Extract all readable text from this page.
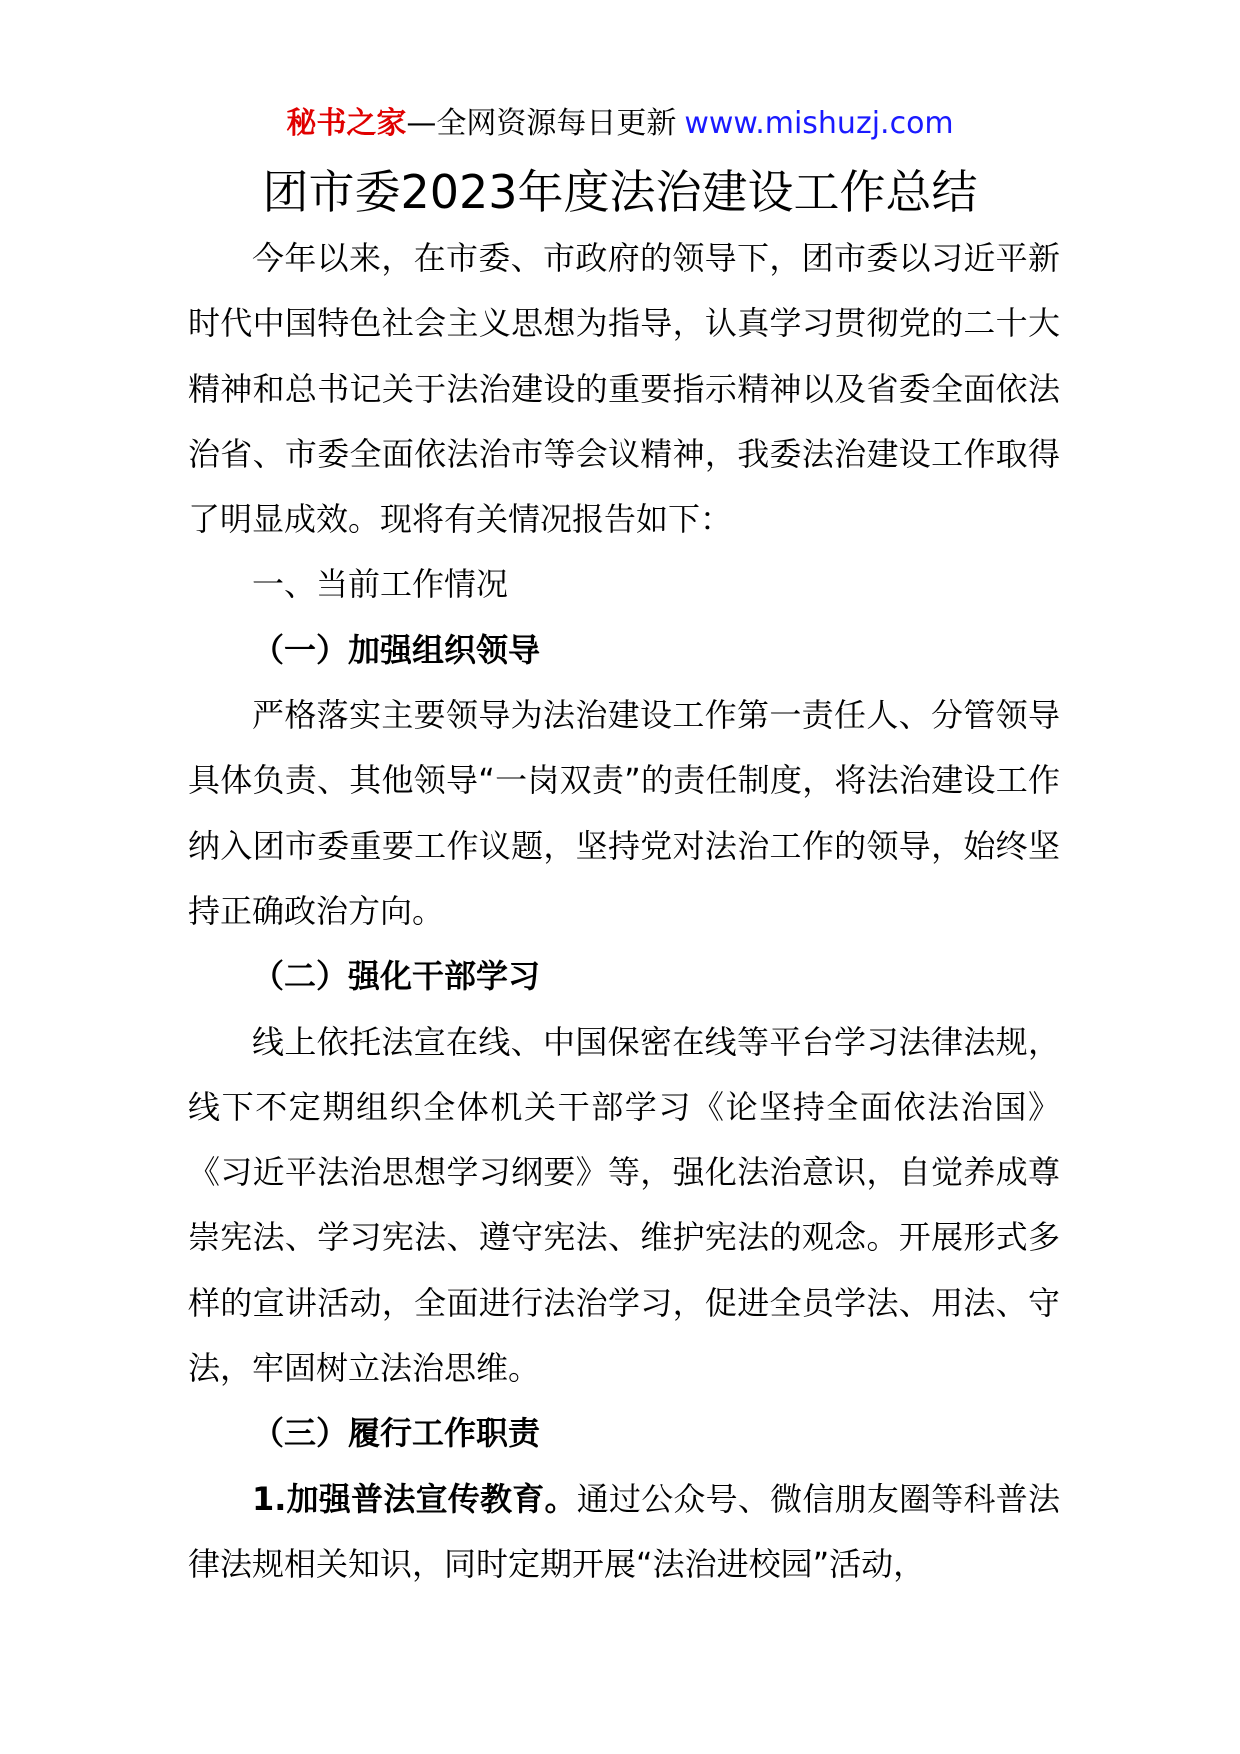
秘书之家—全网资源每日更新 www.mishuzj.com
团市委2023年度法治建设工作总结

今年以来，在市委、市政府的领导下，团市委以习近平新时代中国特色社会主义思想为指导，认真学习贯彻党的二十大精神和总书记关于法治建设的重要指示精神以及省委全面依法治省、市委全面依法治市等会议精神，我委法治建设工作取得了明显成效。现将有关情况报告如下：

一、当前工作情况
（一）加强组织领导

严格落实主要领导为法治建设工作第一责任人、分管领导具体负责、其他领导“一岗双责”的责任制度，将法治建设工作纳入团市委重要工作议题，坚持党对法治工作的领导，始终坚持正确政治方向。

（二）强化干部学习

线上依托法宣在线、中国保密在线等平台学习法律法规，线下不定期组织全体机关干部学习《论坚持全面依法治国》《习近平法治思想学习纲要》等，强化法治意识，自觉养成尊崇宪法、学习宪法、遵守宪法、维护宪法的观念。开展形式多样的宣讲活动，全面进行法治学习，促进全员学法、用法、守法，牢固树立法治思维。

（三）履行工作职责

1.加强普法宣传教育。通过公众号、微信朋友圈等科普法律法规相关知识，同时定期开展“法治进校园”活动，
